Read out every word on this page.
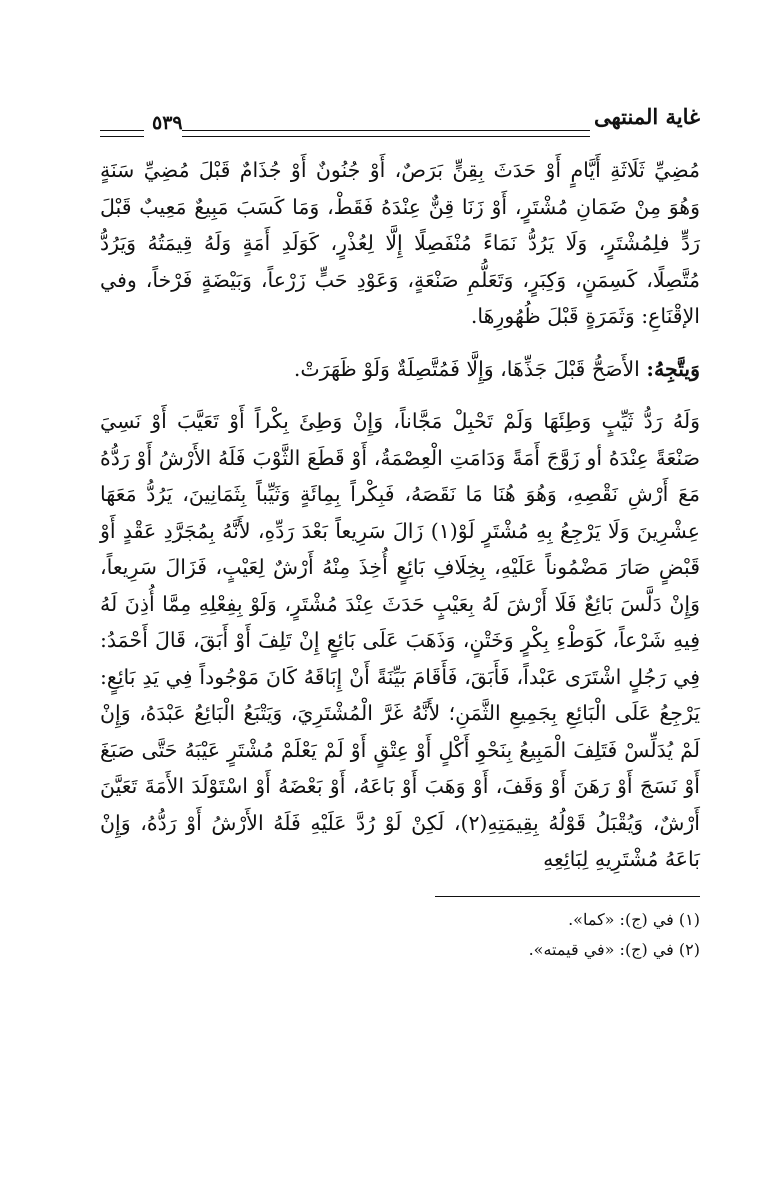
غاية المنتهى
٥٣٩

مُضِيِّ ثَلَاثَةِ أَيَّامٍ أَوْ حَدَثَ بِقِنٍّ بَرَصٌ، أَوْ جُنُونٌ أَوْ جُذَامٌ قَبْلَ مُضِيِّ سَنَةٍ وَهُوَ مِنْ ضَمَانِ مُشْتَرٍ، أَوْ زَنَا قِنٌّ عِنْدَهُ فَقَطْ، وَمَا كَسَبَ مَبِيعٌ مَعِيبٌ قَبْلَ رَدٍّ فلِمُشْتَرٍ، وَلَا يَرُدُّ نَمَاءً مُنْفَصِلًا إِلَّا لِعُذْرٍ، كَوَلَدِ أَمَةٍ وَلَهُ قِيمَتُهُ وَيَرُدُّ مُتَّصِلًا، كَسِمَنٍ، وَكِبَرٍ، وَتَعَلُّمِ صَنْعَةٍ، وَعَوْدِ حَبٍّ زَرْعاً، وَبَيْضَةٍ فَرْخاً، وفي الإقْنَاعِ: وَثَمَرَةٍ قَبْلَ ظُهُورِهَا.

وَيتَّجِهُ: الأَصَحُّ قَبْلَ جَذِّهَا، وَإِلَّا فَمُتَّصِلَةٌ وَلَوْ ظَهَرَتْ.

وَلَهُ رَدُّ ثَيِّبٍ وَطِئَهَا وَلَمْ تَحْبِلْ مَجَّاناً، وَإِنْ وَطِئَ بِكْراً أَوْ تَعَيَّبَ أَوْ نَسِيَ صَنْعَةً عِنْدَهُ أو زَوَّجَ أَمَةً وَدَامَتِ الْعِصْمَةُ، أَوْ قَطَعَ الثَّوْبَ فَلَهُ الأَرْشُ أَوْ رَدُّهُ مَعَ أَرْشِ نَقْصِهِ، وَهُوَ هُنَا مَا نَقَصَهُ، فَبِكْراً بِمِائَةٍ وَثَيِّباً بِثَمَانِينَ، يَرُدُّ مَعَهَا عِشْرِينَ وَلَا يَرْجِعُ بِهِ مُشْتَرٍ لَوْ(١) زَالَ سَرِيعاً بَعْدَ رَدِّهِ، لأَنَّهُ بِمُجَرَّدِ عَقْدٍ أَوْ قَبْضٍ صَارَ مَضْمُوناً عَلَيْهِ، بِخِلَافِ بَائِعٍ أُخِذَ مِنْهُ أَرْشٌ لِعَيْبٍ، فَزَالَ سَرِيعاً، وَإِنْ دَلَّسَ بَائِعٌ فَلَا أَرْشَ لَهُ بِعَيْبٍ حَدَثَ عِنْدَ مُشْتَرٍ، وَلَوْ بِفِعْلِهِ مِمَّا أُذِنَ لَهُ فِيهِ شَرْعاً، كَوَطْءِ بِكْرٍ وَخَتْنٍ، وَذَهَبَ عَلَى بَائِعٍ إِنْ تَلِفَ أَوْ أَبَقَ، قَالَ أَحْمَدُ: فِي رَجُلٍ اشْتَرَى عَبْداً، فَأَبَقَ، فَأَقَامَ بَيِّنَةً أَنْ إِبَاقَهُ كَانَ مَوْجُوداً فِي يَدِ بَائِعٍ: يَرْجِعُ عَلَى الْبَائِعِ بِجَمِيعِ الثَّمَنِ؛ لأَنَّهُ غَرَّ الْمُشْتَرِيَ، وَيَتْبَعُ الْبَائِعُ عَبْدَهُ، وَإِنْ لَمْ يُدَلِّسْ فَتَلِفَ الْمَبِيعُ بِنَحْوِ أَكْلٍ أَوْ عِتْقٍ أَوْ لَمْ يَعْلَمْ مُشْتَرٍ عَيْبَهُ حَتَّى صَبَغَ أَوْ نَسَجَ أَوْ رَهَنَ أَوْ وَقَفَ، أَوْ وَهَبَ أَوْ بَاعَهُ، أَوْ بَعْضَهُ أَوْ اسْتَوْلَدَ الأَمَةَ تَعَيَّنَ أَرْشٌ، وَيُقْبَلُ قَوْلُهُ بِقِيمَتِهِ(٢)، لَكِنْ لَوْ رُدَّ عَلَيْهِ فَلَهُ الأَرْشُ أَوْ رَدُّهُ، وَإِنْ بَاعَهُ مُشْتَرِيهِ لِبَائِعِهِ

(١) في (ج): «كما».

(٢) في (ج): «في قيمته».
